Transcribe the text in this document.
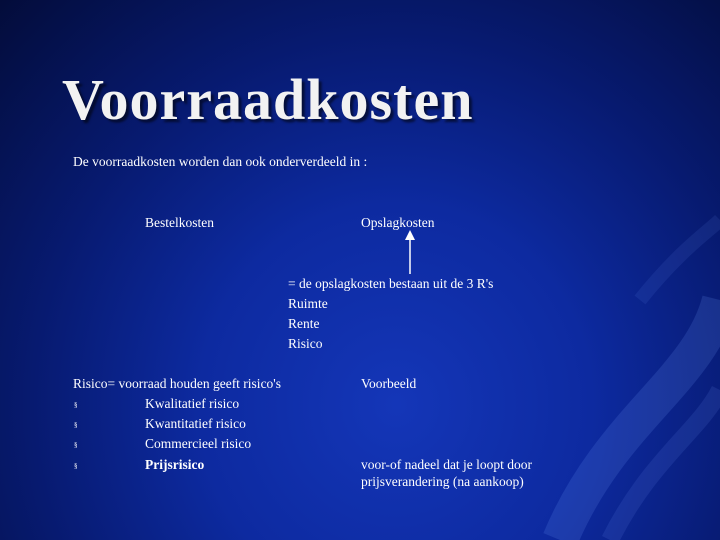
Voorraadkosten
De voorraadkosten worden dan ook onderverdeeld in :
Bestelkosten	Opslagkosten
= de opslagkosten bestaan uit de 3 R's
Ruimte
Rente
Risico
Risico= voorraad houden geeft risico's	Voorbeeld
§	Kwalitatief risico
§	Kwantitatief risico
§	Commercieel risico
§	Prijsrisico	voor-of nadeel dat je loopt door
prijsverandering (na aankoop)
